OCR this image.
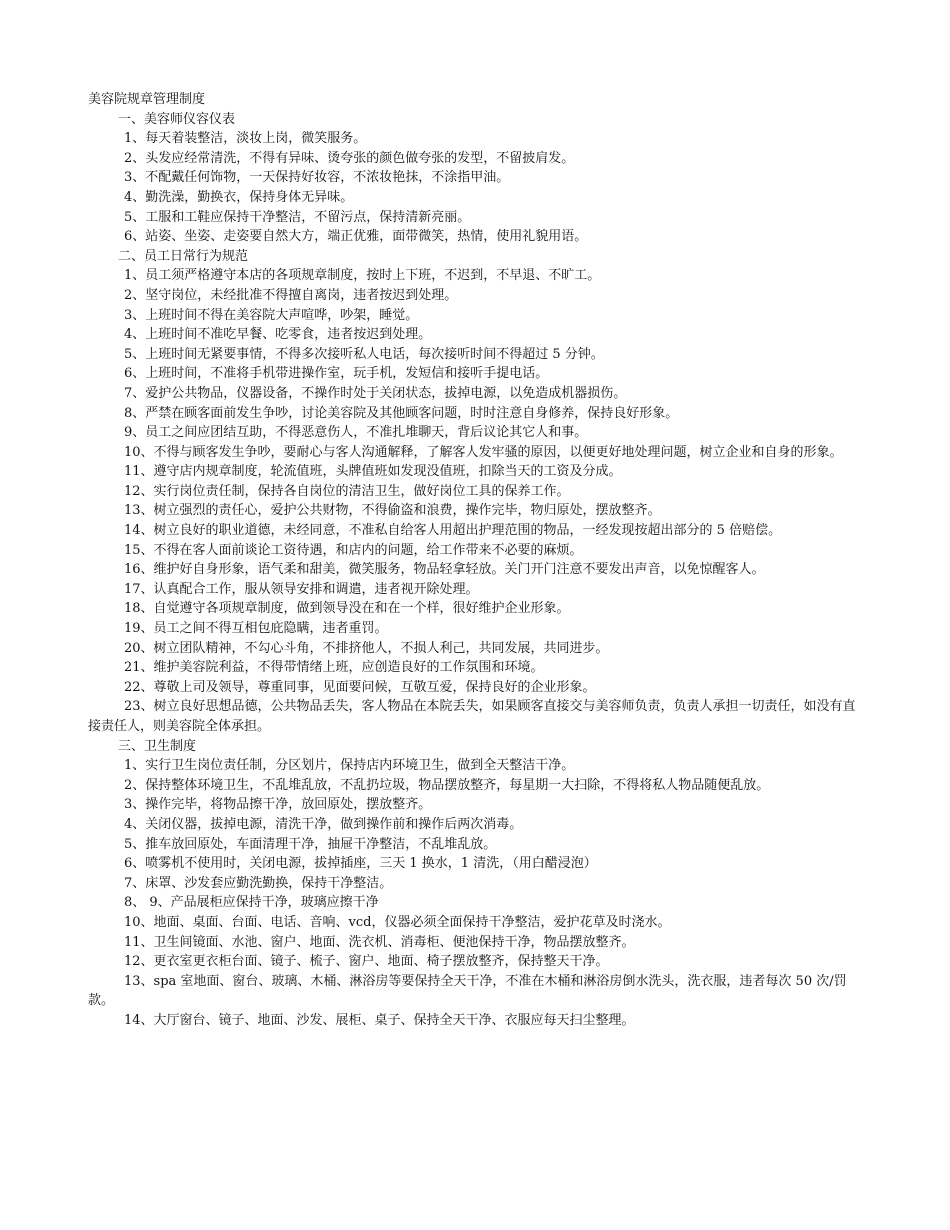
美容院规章管理制度

一、美容师仪容仪表

1、每天着装整洁，淡妆上岗，微笑服务。

2、头发应经常清洗，不得有异味、烫夸张的颜色做夸张的发型，不留披肩发。

3、不配戴任何饰物，一天保持好妆容，不浓妆艳抹，不涂指甲油。

4、勤洗澡，勤换衣，保持身体无异味。

5、工服和工鞋应保持干净整洁，不留污点，保持清新亮丽。

6、站姿、坐姿、走姿要自然大方，端正优雅，面带微笑，热情，使用礼貌用语。

二、员工日常行为规范

1、员工须严格遵守本店的各项规章制度，按时上下班，不迟到，不早退、不旷工。

2、坚守岗位，未经批准不得擅自离岗，违者按迟到处理。

3、上班时间不得在美容院大声喧哗，吵架，睡觉。

4、上班时间不准吃早餐、吃零食，违者按迟到处理。

5、上班时间无紧要事情，不得多次接听私人电话，每次接听时间不得超过 5 分钟。

6、上班时间，不准将手机带进操作室，玩手机，发短信和接听手提电话。

7、爱护公共物品，仪器设备，不操作时处于关闭状态，拔掉电源，以免造成机器损伤。

8、严禁在顾客面前发生争吵，讨论美容院及其他顾客问题，时时注意自身修养，保持良好形象。

9、员工之间应团结互助，不得恶意伤人，不准扎堆聊天，背后议论其它人和事。

10、不得与顾客发生争吵，要耐心与客人沟通解释，了解客人发牢骚的原因，以便更好地处理问题，树立企业和自身的形象。

11、遵守店内规章制度，轮流值班，头牌值班如发现没值班，扣除当天的工资及分成。

12、实行岗位责任制，保持各自岗位的清洁卫生，做好岗位工具的保养工作。

13、树立强烈的责任心，爱护公共财物，不得偷盗和浪费，操作完毕，物归原处，摆放整齐。

14、树立良好的职业道德，未经同意，不准私自给客人用超出护理范围的物品，一经发现按超出部分的 5 倍赔偿。

15、不得在客人面前谈论工资待遇，和店内的问题，给工作带来不必要的麻烦。

16、维护好自身形象，语气柔和甜美，微笑服务，物品轻拿轻放。关门开门注意不要发出声音，以免惊醒客人。

17、认真配合工作，服从领导安排和调遣，违者视开除处理。

18、自觉遵守各项规章制度，做到领导没在和在一个样，很好维护企业形象。

19、员工之间不得互相包庇隐瞒，违者重罚。

20、树立团队精神，不勾心斗角，不排挤他人，不损人利己，共同发展，共同进步。

21、维护美容院利益，不得带情绪上班，应创造良好的工作氛围和环境。

22、尊敬上司及领导，尊重同事，见面要问候，互敬互爱，保持良好的企业形象。

23、树立良好思想品德，公共物品丢失，客人物品在本院丢失，如果顾客直接交与美容师负责，负责人承担一切责任，如没有直接责任人，则美容院全体承担。

三、卫生制度

1、实行卫生岗位责任制，分区划片，保持店内环境卫生，做到全天整洁干净。

2、保持整体环境卫生，不乱堆乱放，不乱扔垃圾，物品摆放整齐，每星期一大扫除，不得将私人物品随便乱放。

3、操作完毕，将物品擦干净，放回原处，摆放整齐。

4、关闭仪器，拔掉电源，清洗干净，做到操作前和操作后两次消毒。

5、推车放回原处，车面清理干净，抽屉干净整洁，不乱堆乱放。

6、喷雾机不使用时，关闭电源，拔掉插座，三天 1 换水，1 清洗，（用白醋浸泡）

7、床罩、沙发套应勤洗勤换，保持干净整洁。

8、 9、产品展柜应保持干净，玻璃应擦干净

10、地面、桌面、台面、电话、音响、vcd，仪器必须全面保持干净整洁，爱护花草及时浇水。

11、卫生间镜面、水池、窗户、地面、洗衣机、消毒柜、便池保持干净，物品摆放整齐。

12、更衣室更衣柜台面、镜子、梳子、窗户、地面、椅子摆放整齐，保持整天干净。

13、spa 室地面、窗台、玻璃、木桶、淋浴房等要保持全天干净，不准在木桶和淋浴房倒水洗头，洗衣服，违者每次 50 次/罚款。

14、大厅窗台、镜子、地面、沙发、展柜、桌子、保持全天干净、衣服应每天扫尘整理。
